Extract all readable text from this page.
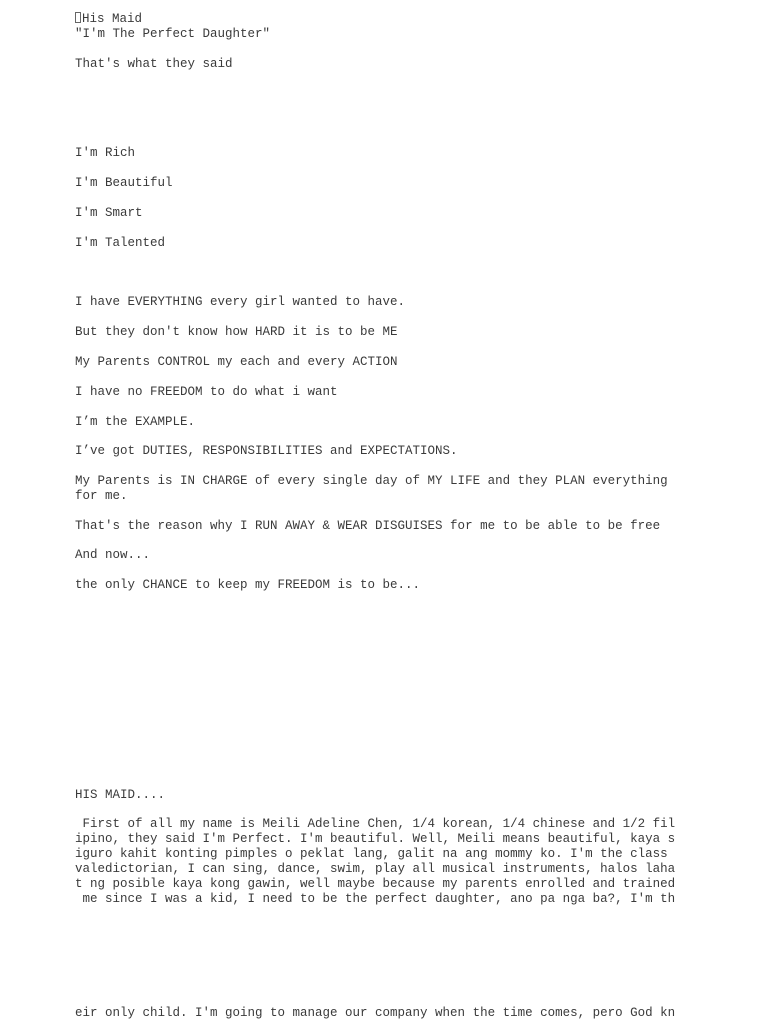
His Maid

"I'm The Perfect Daughter"

That's what they said

I'm Rich

I'm Beautiful

I'm Smart

I'm Talented

I have EVERYTHING every girl wanted to have.

But they don't know how HARD it is to be ME

My Parents CONTROL my each and every ACTION

I have no FREEDOM to do what i want

I’m the EXAMPLE.

I’ve got DUTIES, RESPONSIBILITIES and EXPECTATIONS.

My Parents is IN CHARGE of every single day of MY LIFE and they PLAN everything
for me.

That's the reason why I RUN AWAY & WEAR DISGUISES for me to be able to be free

And now...

the only CHANCE to keep my FREEDOM is to be...

HIS MAID....

First of all my name is Meili Adeline Chen, 1/4 korean, 1/4 chinese and 1/2 fil
ipino, they said I'm Perfect. I'm beautiful. Well, Meili means beautiful, kaya s
iguro kahit konting pimples o peklat lang, galit na ang mommy ko. I'm the class
valedictorian, I can sing, dance, swim, play all musical instruments, halos laha
t ng posible kaya kong gawin, well maybe because my parents enrolled and trained
me since I was a kid, I need to be the perfect daughter, ano pa nga ba?, I'm th

eir only child. I'm going to manage our company when the time comes, pero God kn
